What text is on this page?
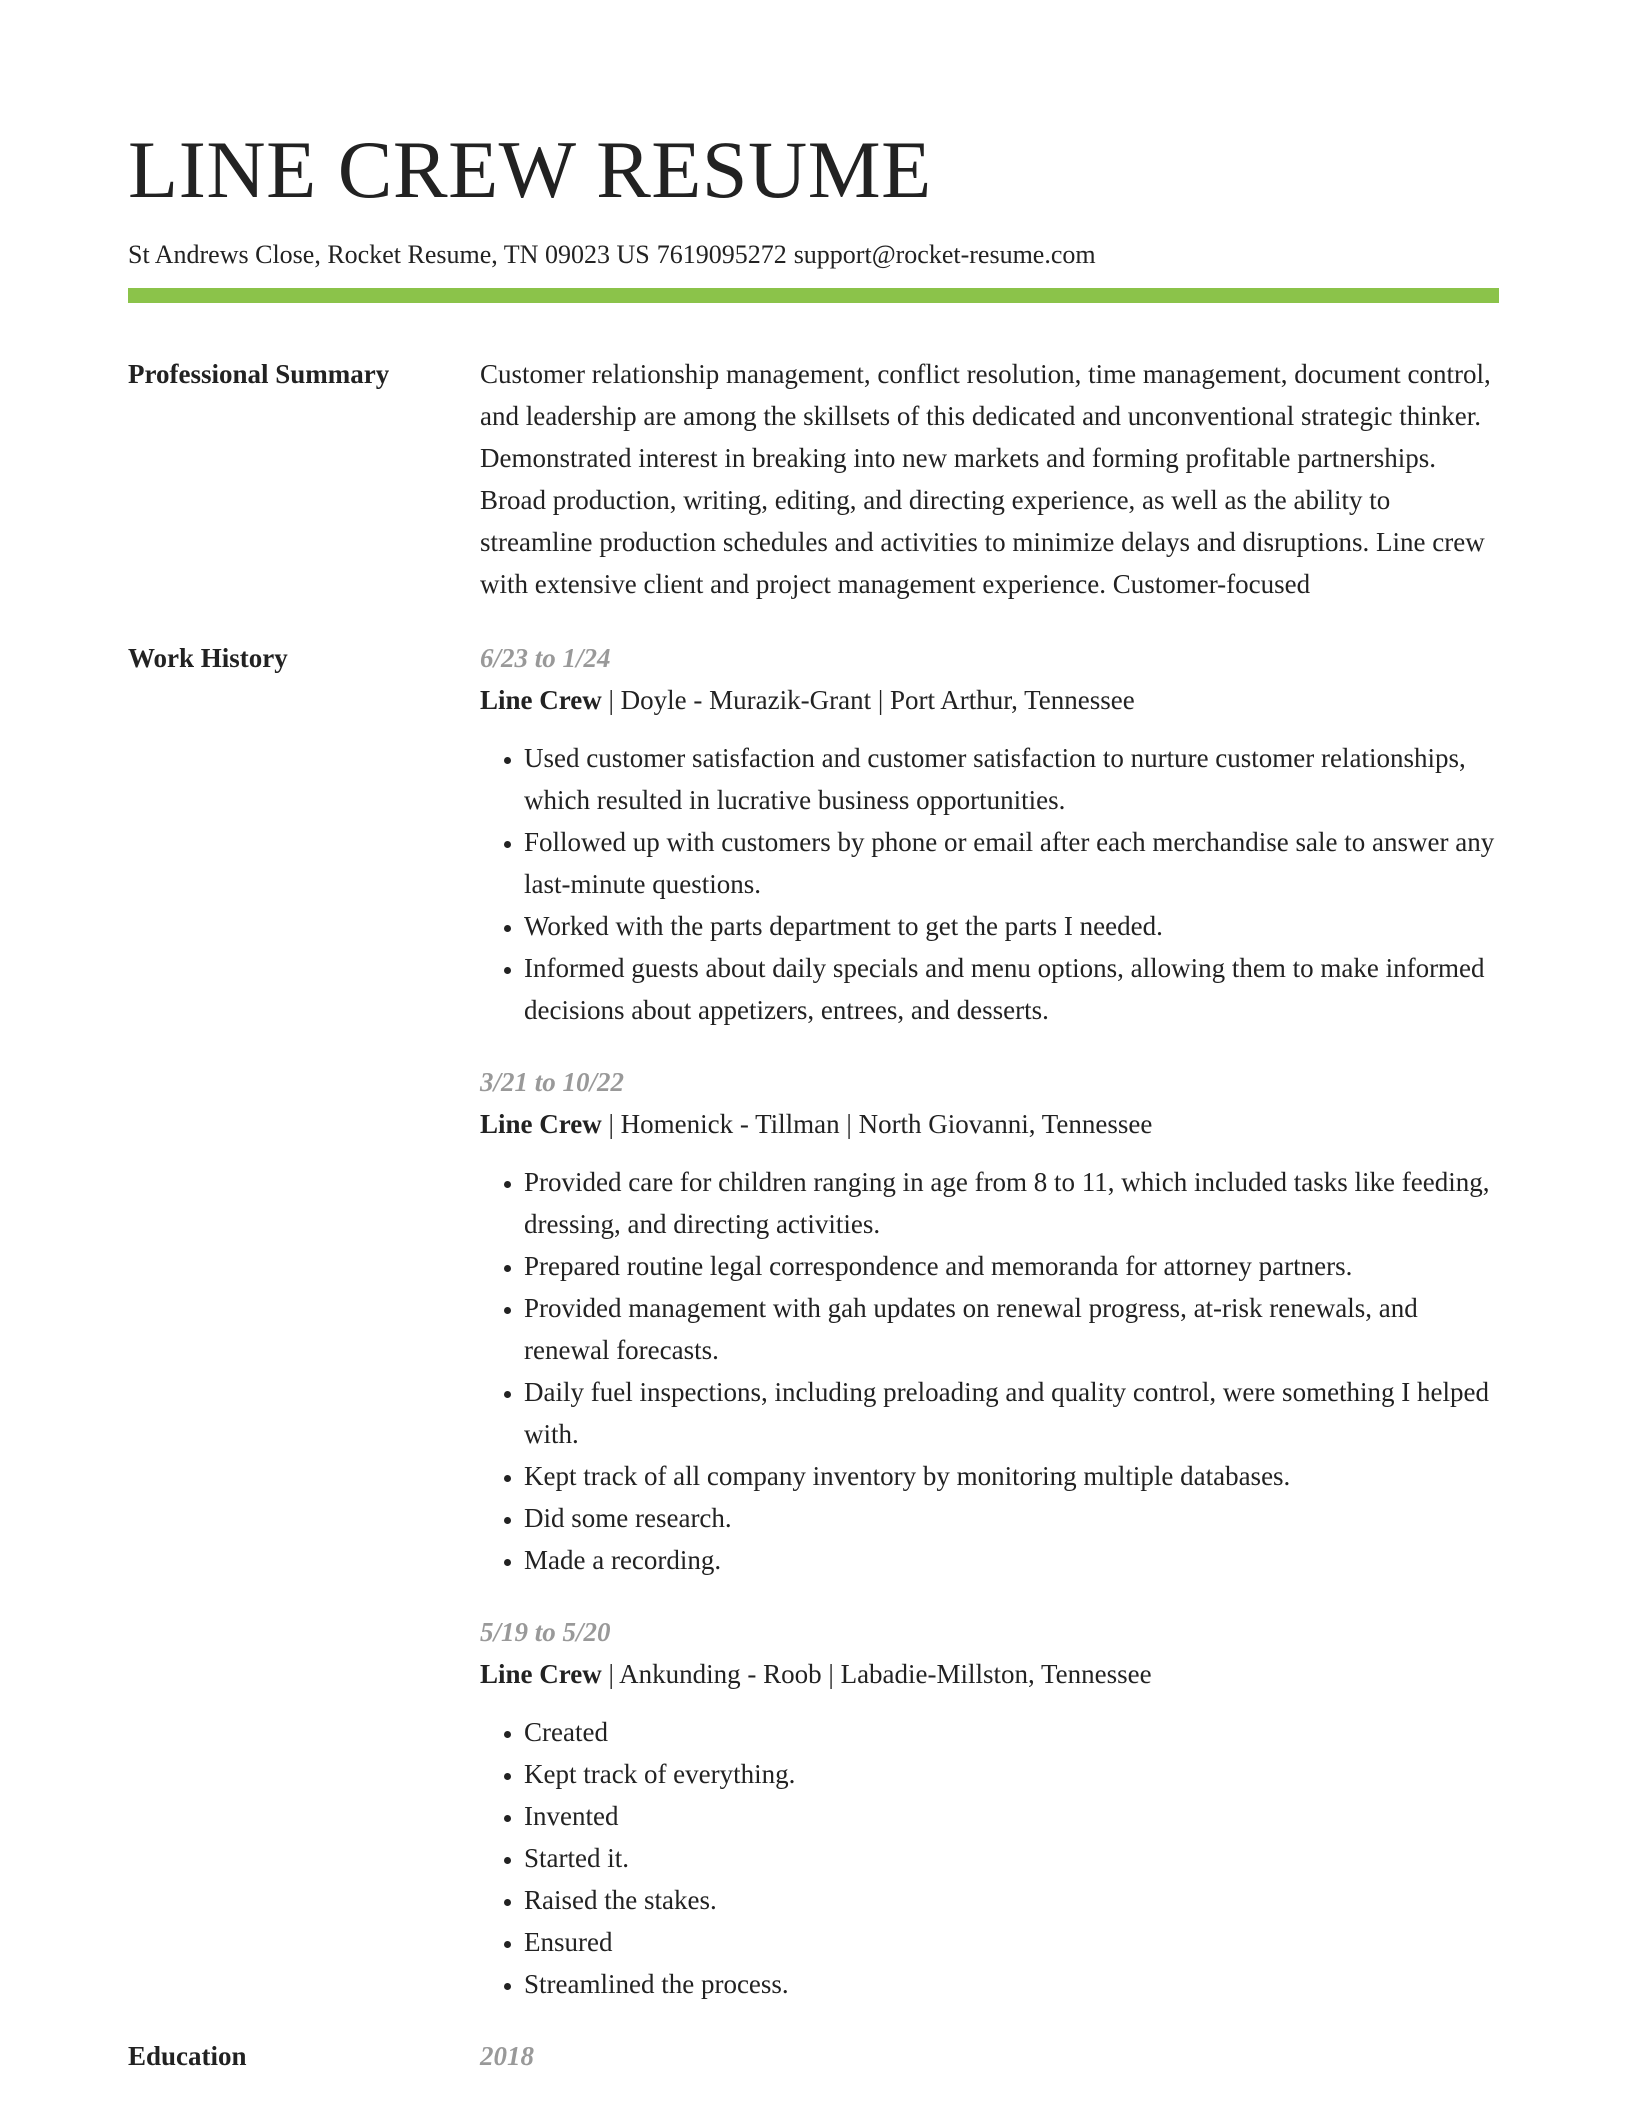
LINE CREW RESUME
St Andrews Close, Rocket Resume, TN 09023 US 7619095272 support@rocket-resume.com
Professional Summary	Customer relationship management, conflict resolution, time management, document control, and leadership are among the skillsets of this dedicated and unconventional strategic thinker. Demonstrated interest in breaking into new markets and forming profitable partnerships. Broad production, writing, editing, and directing experience, as well as the ability to streamline production schedules and activities to minimize delays and disruptions. Line crew with extensive client and project management experience. Customer-focused
Work History	6/23 to 1/24
Line Crew | Doyle - Murazik-Grant | Port Arthur, Tennessee
• Used customer satisfaction and customer satisfaction to nurture customer relationships, which resulted in lucrative business opportunities.
• Followed up with customers by phone or email after each merchandise sale to answer any last-minute questions.
• Worked with the parts department to get the parts I needed.
• Informed guests about daily specials and menu options, allowing them to make informed decisions about appetizers, entrees, and desserts.
3/21 to 10/22
Line Crew | Homenick - Tillman | North Giovanni, Tennessee
• Provided care for children ranging in age from 8 to 11, which included tasks like feeding, dressing, and directing activities.
• Prepared routine legal correspondence and memoranda for attorney partners.
• Provided management with gah updates on renewal progress, at-risk renewals, and renewal forecasts.
• Daily fuel inspections, including preloading and quality control, were something I helped with.
• Kept track of all company inventory by monitoring multiple databases.
• Did some research.
• Made a recording.
5/19 to 5/20
Line Crew | Ankunding - Roob | Labadie-Millston, Tennessee
• Created
• Kept track of everything.
• Invented
• Started it.
• Raised the stakes.
• Ensured
• Streamlined the process.
Education	2018
